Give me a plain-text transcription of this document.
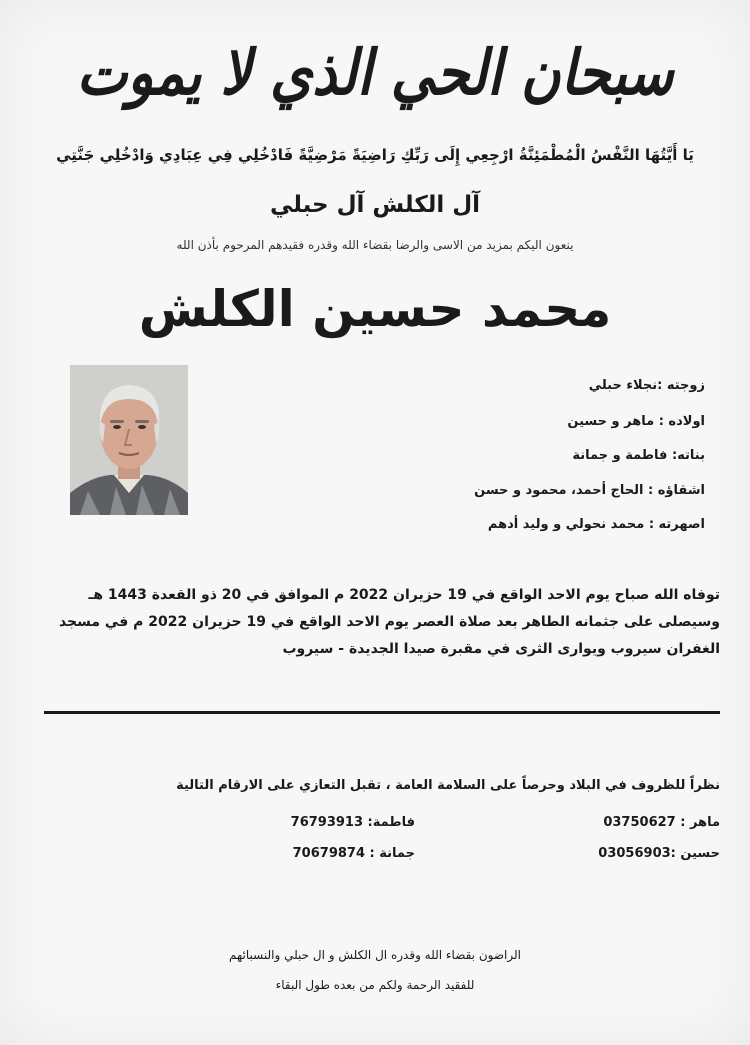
سبحان الحي الذي لا يموت
يَا أَيَّتُهَا النَّفْسُ الْمُطْمَئِنَّةُ ارْجِعِي إِلَى رَبِّكِ رَاضِيَةً مَرْضِيَّةً فَادْخُلِي فِي عِبَادِي وَادْخُلِي جَنَّتِي
آل الكلش آل حبلي
ينعون اليكم بمزيد من الاسى والرضا بقضاء الله وقدره فقيدهم المرحوم بأذن الله
محمد حسين الكلش
زوجته :نجلاء حبلي
اولاده : ماهر و حسين
بناته: فاطمة و جمانة
اشقاؤه : الحاج أحمد، محمود و حسن
اصهرته : محمد نحولي و وليد أدهم

توفاه الله صباح يوم الاحد الواقع في 19 حزيران 2022 م الموافق في 20 ذو القعدة 1443 هـ

وسيصلى على جثمانه الطاهر بعد صلاة العصر يوم الاحد الواقع في 19 حزيران 2022 م في مسجد

الغفران سيروب ويوارى الثرى في مقبرة صيدا الجديدة - سيروب

نظراً للظروف في البلاد وحرصاً على السلامة العامة ، تقبل التعازي على الارقام التالية
ماهر : 03750627
حسين :03056903
فاطمة: 76793913
جمانة : 70679874

الراضون بقضاء الله وقدره ال الكلش و ال حبلي والنسبائهم

للفقيد الرحمة ولكم من بعده طول البقاء
